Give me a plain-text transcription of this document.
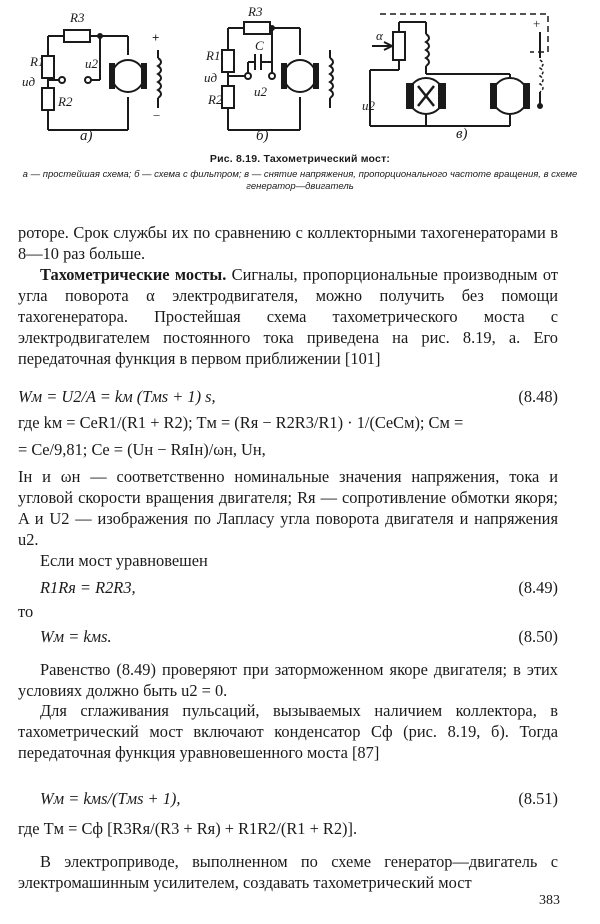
R3
R1
uд
R2
u2
+
−
а)
R3
R1
uд
С
R2
u2
б)
α
u2
+
в)
Рис. 8.19. Тахометрический мост:
а — простейшая схема; б — схема с фильтром; в — снятие напряжения, пропорционального частоте вращения, в схеме генератор—двигатель

роторе. Срок службы их по сравнению с коллекторными тахогенераторами в 8—10 раз больше.

Тахометрические мосты. Сигналы, пропорциональные производным от угла поворота α электродвигателя, можно получить без помощи тахогенератора. Простейшая схема тахометрического моста с электродвигателем постоянного тока приведена на рис. 8.19, а. Его передаточная функция в первом приближении [101]

Wм = U2/A = kм (Tмs + 1) s,	(8.48)
где kм = CеR1/(R1 + R2); Tм = (Rя − R2R3/R1) · 1/(CеCм); Cм =
= Cе/9,81; Cе = (Uн − RяIн)/ωн, Uн,

Iн и ωн — соответственно номинальные значения напряжения, тока и угловой скорости вращения двигателя; Rя — сопротивление обмотки якоря; A и U2 — изображения по Лапласу угла поворота двигателя и напряжения u2.

Если мост уравновешен

R1Rя = R2R3,	(8.49)

то

Wм = kмs.	(8.50)

Равенство (8.49) проверяют при заторможенном якоре двигателя; в этих условиях должно быть u2 = 0.

Для сглаживания пульсаций, вызываемых наличием коллектора, в тахометрический мост включают конденсатор Cф (рис. 8.19, б). Тогда передаточная функция уравновешенного моста [87]

Wм = kмs/(Tмs + 1),	(8.51)
где Tм = Cф [R3Rя/(R3 + Rя) + R1R2/(R1 + R2)].

В электроприводе, выполненном по схеме генератор—двигатель с электромашинным усилителем, создавать тахометрический мост

383
